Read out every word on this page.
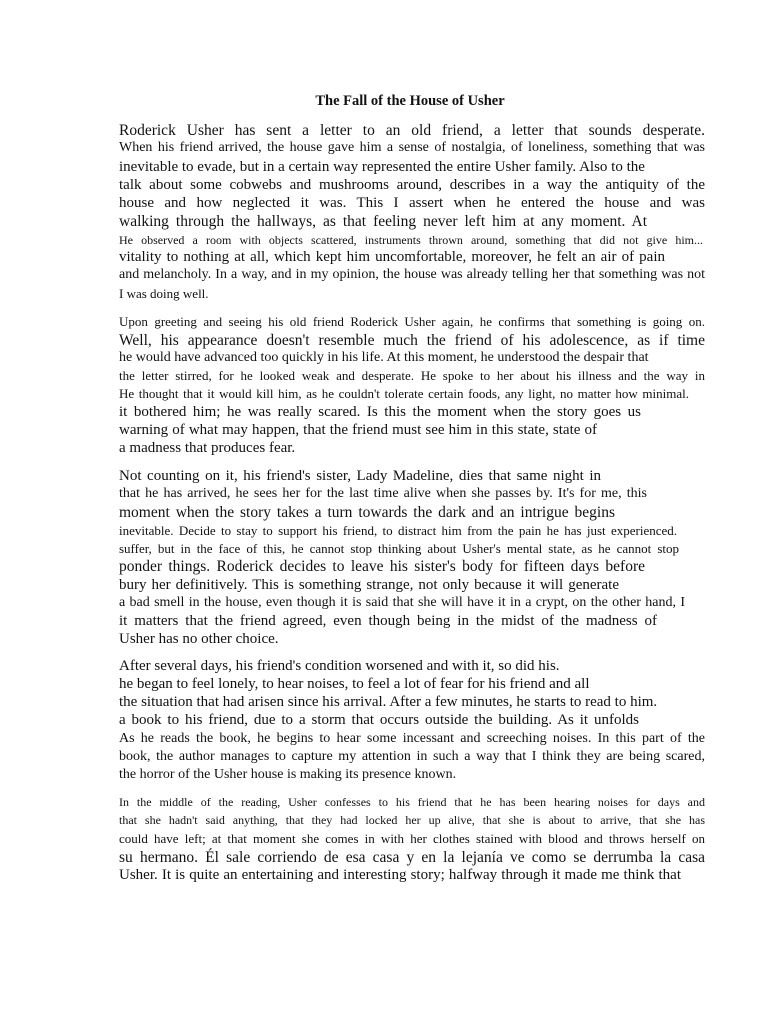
The Fall of the House of Usher
Roderick Usher has sent a letter to an old friend, a letter that sounds desperate.
When his friend arrived, the house gave him a sense of nostalgia, of loneliness, something that was
inevitable to evade, but in a certain way represented the entire Usher family. Also to the
talk about some cobwebs and mushrooms around, describes in a way the antiquity of the
house and how neglected it was. This I assert when he entered the house and was
walking through the hallways, as that feeling never left him at any moment. At
He observed a room with objects scattered, instruments thrown around, something that did not give him...
vitality to nothing at all, which kept him uncomfortable, moreover, he felt an air of pain
and melancholy. In a way, and in my opinion, the house was already telling her that something was not
I was doing well.
Upon greeting and seeing his old friend Roderick Usher again, he confirms that something is going on.
Well, his appearance doesn't resemble much the friend of his adolescence, as if time
he would have advanced too quickly in his life. At this moment, he understood the despair that
the letter stirred, for he looked weak and desperate. He spoke to her about his illness and the way in
He thought that it would kill him, as he couldn't tolerate certain foods, any light, no matter how minimal.
it bothered him; he was really scared. Is this the moment when the story goes us
warning of what may happen, that the friend must see him in this state, state of
a madness that produces fear.
Not counting on it, his friend's sister, Lady Madeline, dies that same night in
that he has arrived, he sees her for the last time alive when she passes by. It's for me, this
moment when the story takes a turn towards the dark and an intrigue begins
inevitable. Decide to stay to support his friend, to distract him from the pain he has just experienced.
suffer, but in the face of this, he cannot stop thinking about Usher's mental state, as he cannot stop
ponder things. Roderick decides to leave his sister's body for fifteen days before
bury her definitively. This is something strange, not only because it will generate
a bad smell in the house, even though it is said that she will have it in a crypt, on the other hand, I
it matters that the friend agreed, even though being in the midst of the madness of
Usher has no other choice.
After several days, his friend's condition worsened and with it, so did his.
he began to feel lonely, to hear noises, to feel a lot of fear for his friend and all
the situation that had arisen since his arrival. After a few minutes, he starts to read to him.
a book to his friend, due to a storm that occurs outside the building. As it unfolds
As he reads the book, he begins to hear some incessant and screeching noises. In this part of the
book, the author manages to capture my attention in such a way that I think they are being scared,
the horror of the Usher house is making its presence known.
In the middle of the reading, Usher confesses to his friend that he has been hearing noises for days and
that she hadn't said anything, that they had locked her up alive, that she is about to arrive, that she has
could have left; at that moment she comes in with her clothes stained with blood and throws herself on
su hermano. Él sale corriendo de esa casa y en la lejanía ve como se derrumba la casa
Usher. It is quite an entertaining and interesting story; halfway through it made me think that
